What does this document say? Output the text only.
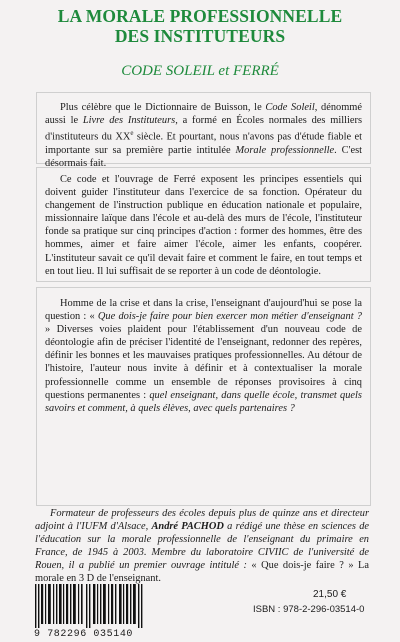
LA MORALE PROFESSIONNELLE
DES INSTITUTEURS
CODE SOLEIL et FERRÉ

Plus célèbre que le Dictionnaire de Buisson, le Code Soleil, dénommé aussi le Livre des Instituteurs, a formé en Écoles normales des milliers d'instituteurs du XXe siècle. Et pourtant, nous n'avons pas d'étude fiable et importante sur sa première partie intitulée Morale professionnelle. C'est désormais fait.

Ce code et l'ouvrage de Ferré exposent les principes essentiels qui doivent guider l'instituteur dans l'exercice de sa fonction. Opérateur du changement de l'instruction publique en éducation nationale et populaire, missionnaire laïque dans l'école et au-delà des murs de l'école, l'instituteur fonde sa pratique sur cinq principes d'action : former des hommes, être des hommes, aimer et faire aimer l'école, aimer les enfants, coopérer. L'instituteur savait ce qu'il devait faire et comment le faire, en tout temps et en tout lieu. Il lui suffisait de se reporter à un code de déontologie.

Homme de la crise et dans la crise, l'enseignant d'aujourd'hui se pose la question : « Que dois-je faire pour bien exercer mon métier d'enseignant ? » Diverses voies plaident pour l'établissement d'un nouveau code de déontologie afin de préciser l'identité de l'enseignant, redonner des repères, définir les bonnes et les mauvaises pratiques professionnelles. Au détour de l'histoire, l'auteur nous invite à définir et à contextualiser la morale professionnelle comme un ensemble de réponses provisoires à cinq questions permanentes : quel enseignant, dans quelle école, transmet quels savoirs et comment, à quels élèves, avec quels partenaires ?

Formateur de professeurs des écoles depuis plus de quinze ans et directeur adjoint à l'IUFM d'Alsace, André PACHOD a rédigé une thèse en sciences de l'éducation sur la morale professionnelle de l'enseignant du primaire en France, de 1945 à 2003. Membre du laboratoire CIVIIC de l'université de Rouen, il a publié un premier ouvrage intitulé : « Que dois-je faire ? » La morale en 3 D de l'enseignant.

21,50 €
ISBN : 978-2-296-03514-0
9 782296 035140
